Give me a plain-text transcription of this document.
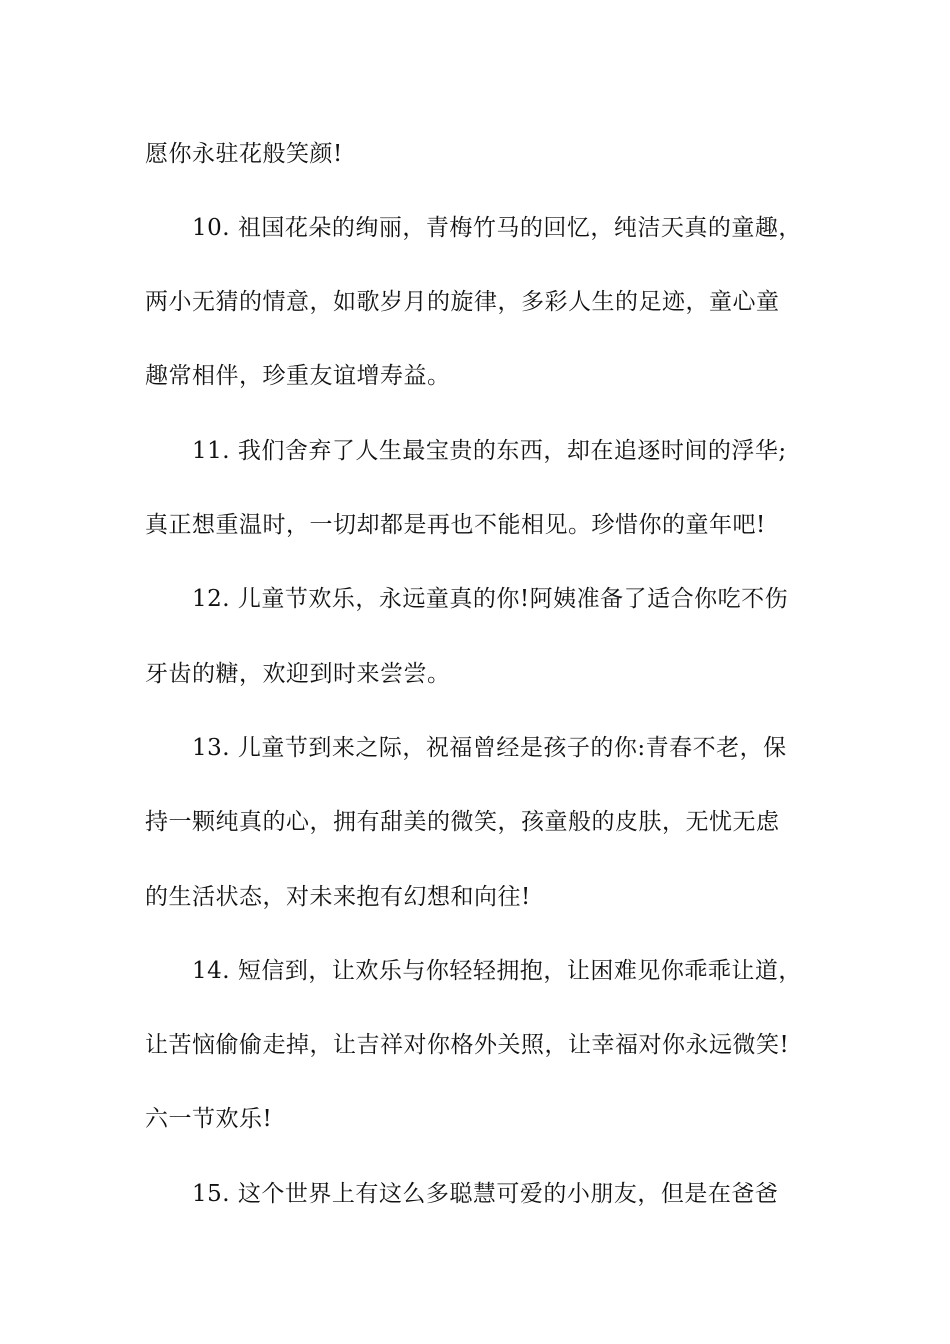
愿你永驻花般笑颜!
10. 祖国花朵的绚丽，青梅竹马的回忆，纯洁天真的童趣，
两小无猜的情意，如歌岁月的旋律，多彩人生的足迹，童心童
趣常相伴，珍重友谊增寿益。
11. 我们舍弃了人生最宝贵的东西，却在追逐时间的浮华;
真正想重温时，一切却都是再也不能相见。珍惜你的童年吧!
12. 儿童节欢乐，永远童真的你!阿姨准备了适合你吃不伤
牙齿的糖，欢迎到时来尝尝。
13. 儿童节到来之际，祝福曾经是孩子的你:青春不老，保
持一颗纯真的心，拥有甜美的微笑，孩童般的皮肤，无忧无虑
的生活状态，对未来抱有幻想和向往!
14. 短信到，让欢乐与你轻轻拥抱，让困难见你乖乖让道，
让苦恼偷偷走掉，让吉祥对你格外关照，让幸福对你永远微笑!
六一节欢乐!
15. 这个世界上有这么多聪慧可爱的小朋友，但是在爸爸
